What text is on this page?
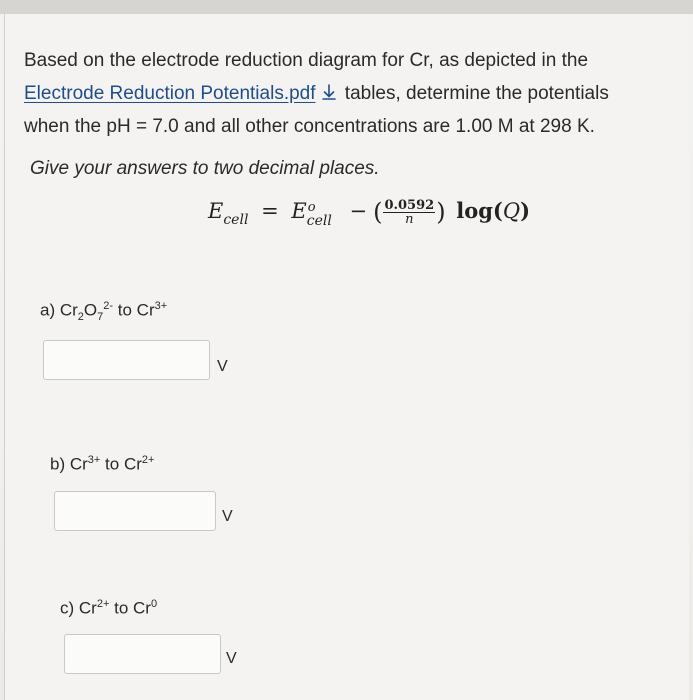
Based on the electrode reduction diagram for Cr, as depicted in the
Electrode Reduction Potentials.pdf tables, determine the potentials
when the pH = 7.0 and all other concentrations are 1.00 M at 298 K.
Give your answers to two decimal places.
$E_{cell} = E$ o
cell − ( $\frac{0.0592}{n}$ ) log(Q)
a) $Cr_2O_7^{2-}$ to $Cr^{3+}$
V
b) $Cr^{3+}$ to $Cr^{2+}$
V
c) $Cr^{2+}$ to Cr$^0$
V
